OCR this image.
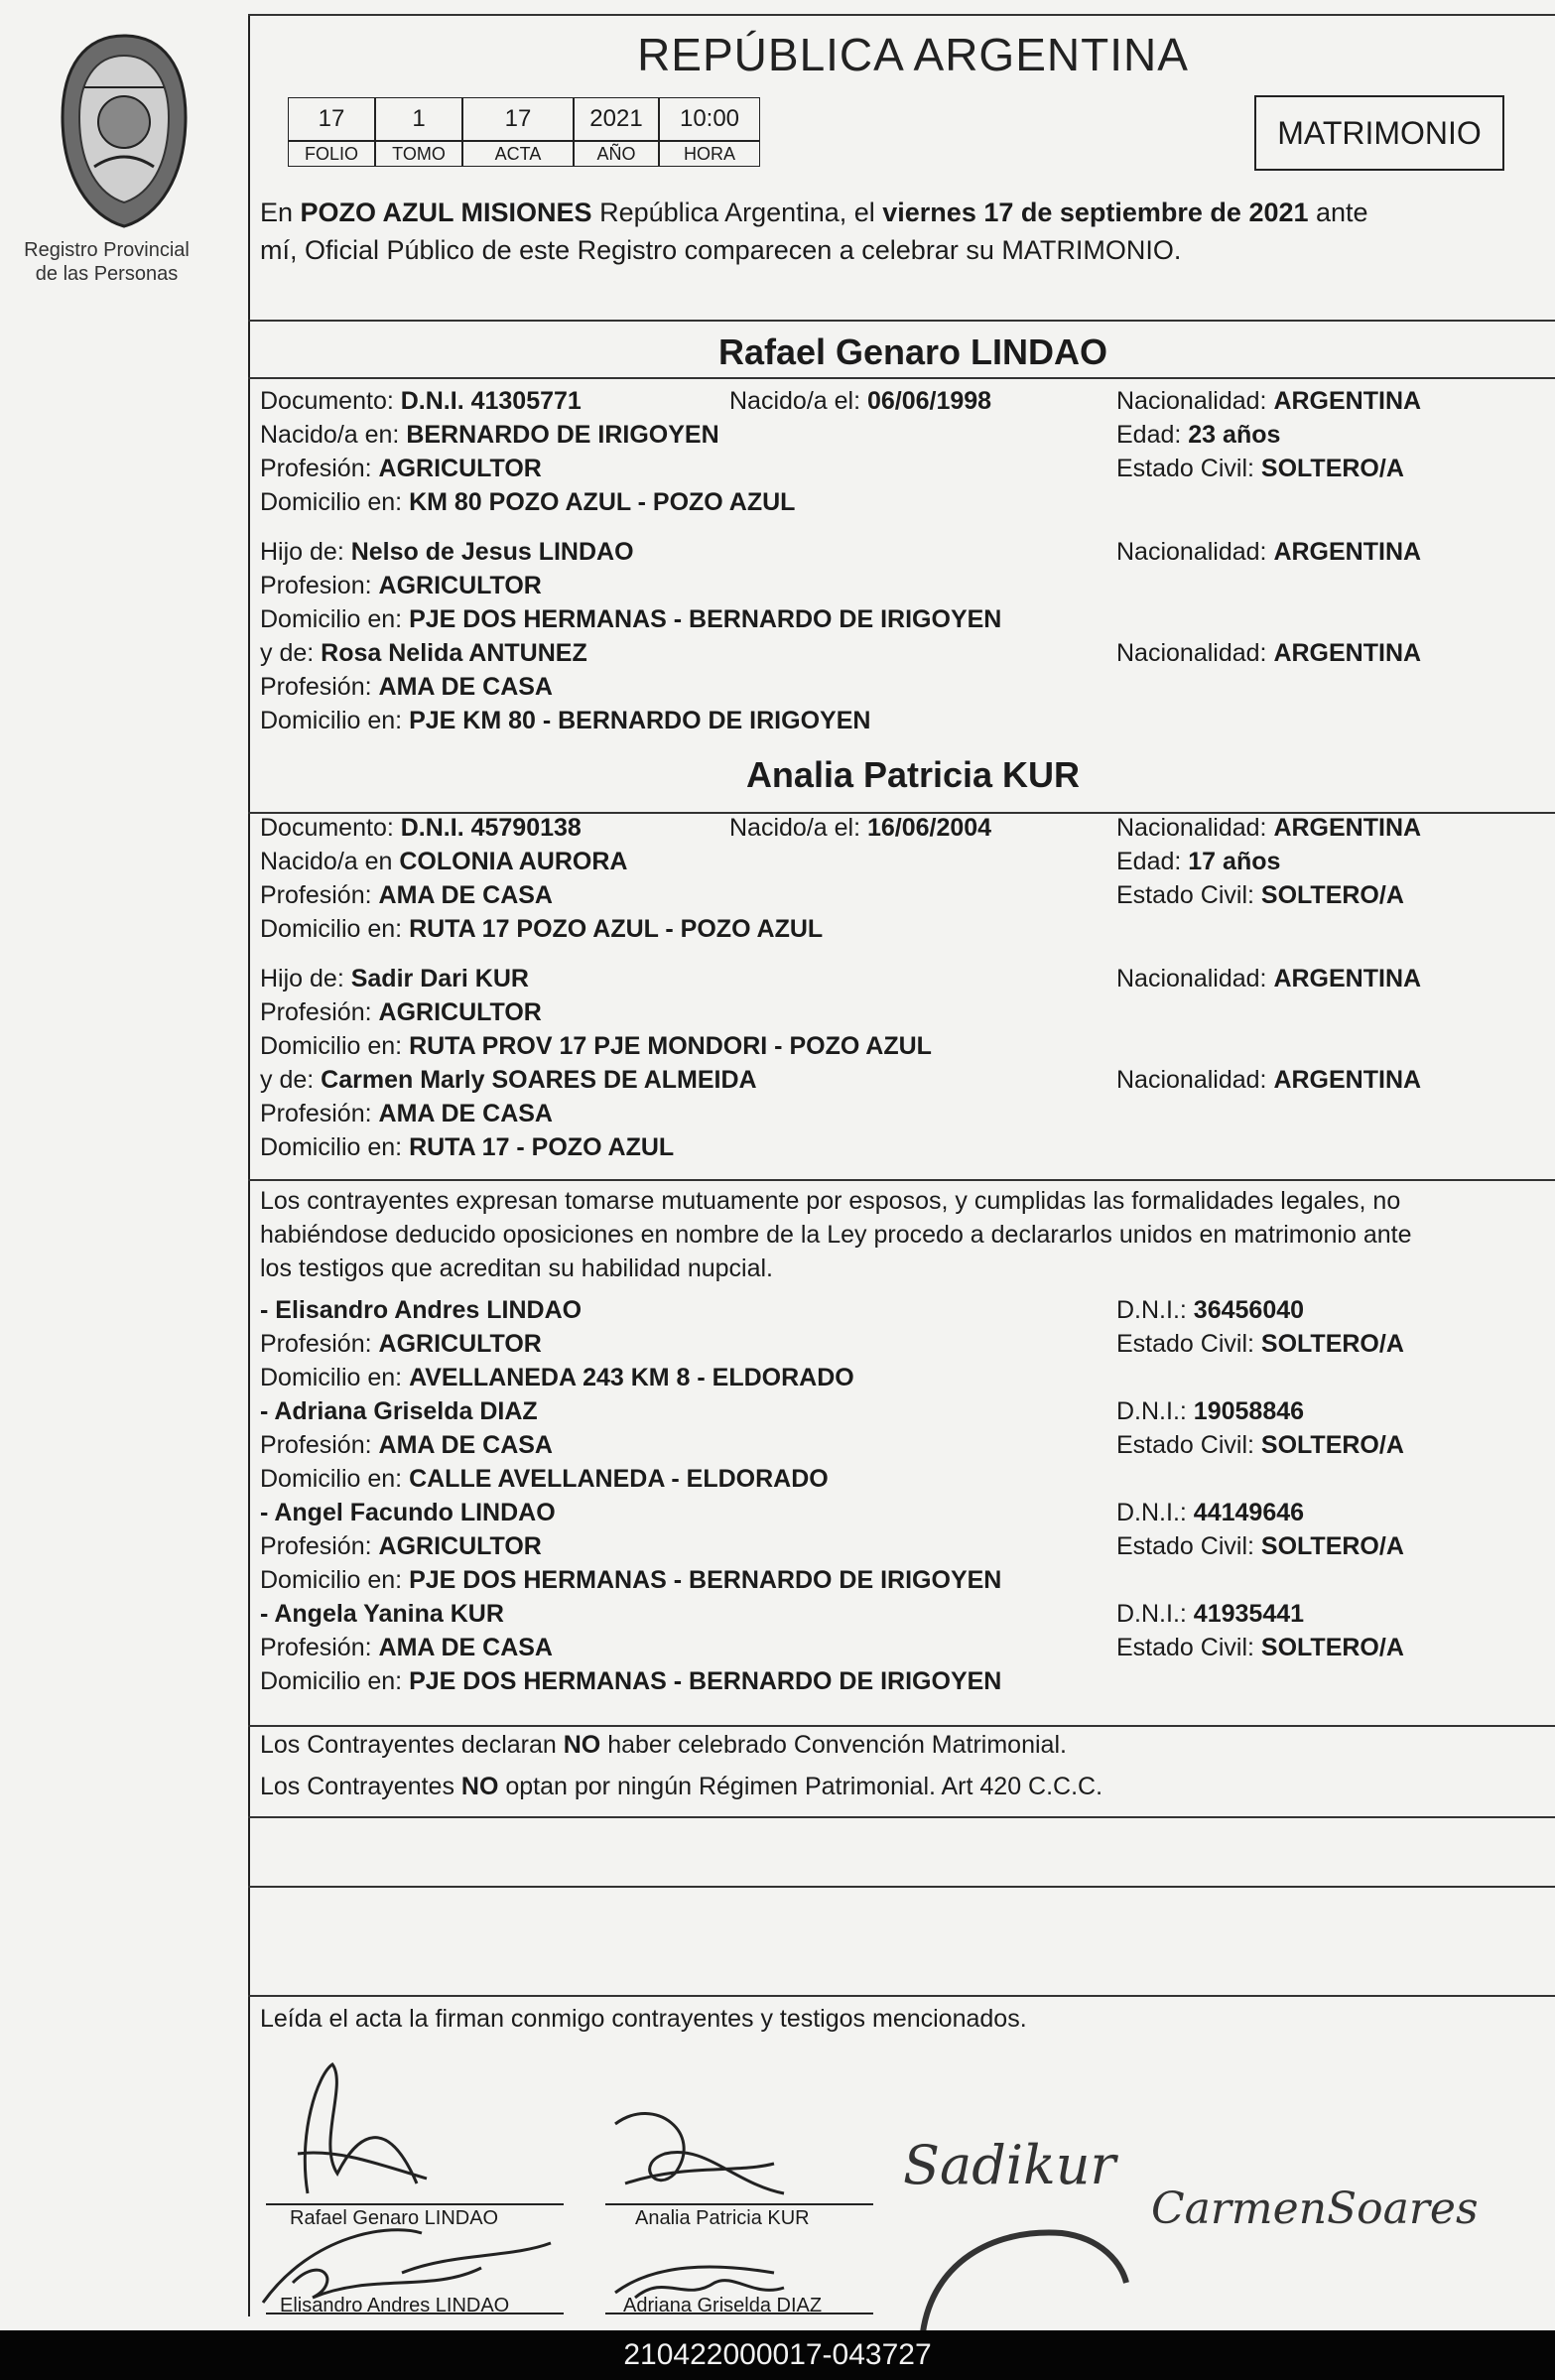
Registro Provincial
de las Personas
REPÚBLICA ARGENTINA
17	1	17	2021	10:00
FOLIO	TOMO	ACTA	AÑO	HORA
MATRIMONIO
En POZO AZUL MISIONES República Argentina, el viernes 17 de septiembre de 2021 ante
mí, Oficial Público de este Registro comparecen a celebrar su MATRIMONIO.
Rafael Genaro LINDAO
Documento: D.N.I. 41305771	Nacido/a el: 06/06/1998	Nacionalidad: ARGENTINA
Nacido/a en: BERNARDO DE IRIGOYEN	Edad: 23 años
Profesión: AGRICULTOR	Estado Civil: SOLTERO/A
Domicilio en: KM 80 POZO AZUL - POZO AZUL
Hijo de: Nelso de Jesus LINDAO	Nacionalidad: ARGENTINA
Profesion: AGRICULTOR
Domicilio en: PJE DOS HERMANAS - BERNARDO DE IRIGOYEN
y de: Rosa Nelida ANTUNEZ	Nacionalidad: ARGENTINA
Profesión: AMA DE CASA
Domicilio en: PJE KM 80 - BERNARDO DE IRIGOYEN
Analia Patricia KUR
Documento: D.N.I. 45790138	Nacido/a el: 16/06/2004	Nacionalidad: ARGENTINA
Nacido/a en COLONIA AURORA	Edad: 17 años
Profesión: AMA DE CASA	Estado Civil: SOLTERO/A
Domicilio en: RUTA 17 POZO AZUL - POZO AZUL
Hijo de: Sadir Dari KUR	Nacionalidad: ARGENTINA
Profesión: AGRICULTOR
Domicilio en: RUTA PROV 17 PJE MONDORI - POZO AZUL
y de: Carmen Marly SOARES DE ALMEIDA	Nacionalidad: ARGENTINA
Profesión: AMA DE CASA
Domicilio en: RUTA 17 - POZO AZUL
Los contrayentes expresan tomarse mutuamente por esposos, y cumplidas las formalidades legales, no
habiéndose deducido oposiciones en nombre de la Ley procedo a declararlos unidos en matrimonio ante
los testigos que acreditan su habilidad nupcial.
- Elisandro Andres LINDAO	D.N.I.: 36456040
Profesión: AGRICULTOR	Estado Civil: SOLTERO/A
Domicilio en: AVELLANEDA 243 KM 8 - ELDORADO
- Adriana Griselda DIAZ	D.N.I.: 19058846
Profesión: AMA DE CASA	Estado Civil: SOLTERO/A
Domicilio en: CALLE AVELLANEDA - ELDORADO
- Angel Facundo LINDAO	D.N.I.: 44149646
Profesión: AGRICULTOR	Estado Civil: SOLTERO/A
Domicilio en: PJE DOS HERMANAS - BERNARDO DE IRIGOYEN
- Angela Yanina KUR	D.N.I.: 41935441
Profesión: AMA DE CASA	Estado Civil: SOLTERO/A
Domicilio en: PJE DOS HERMANAS - BERNARDO DE IRIGOYEN
Los Contrayentes declaran NO haber celebrado Convención Matrimonial.
Los Contrayentes NO optan por ningún Régimen Patrimonial. Art 420 C.C.C.
Leída el acta la firman conmigo contrayentes y testigos mencionados.
Rafael Genaro LINDAO	Analia Patricia KUR
Sadikur
CarmenSoares
Elisandro Andres LINDAO	Adriana Griselda DIAZ
210422000017-043727
